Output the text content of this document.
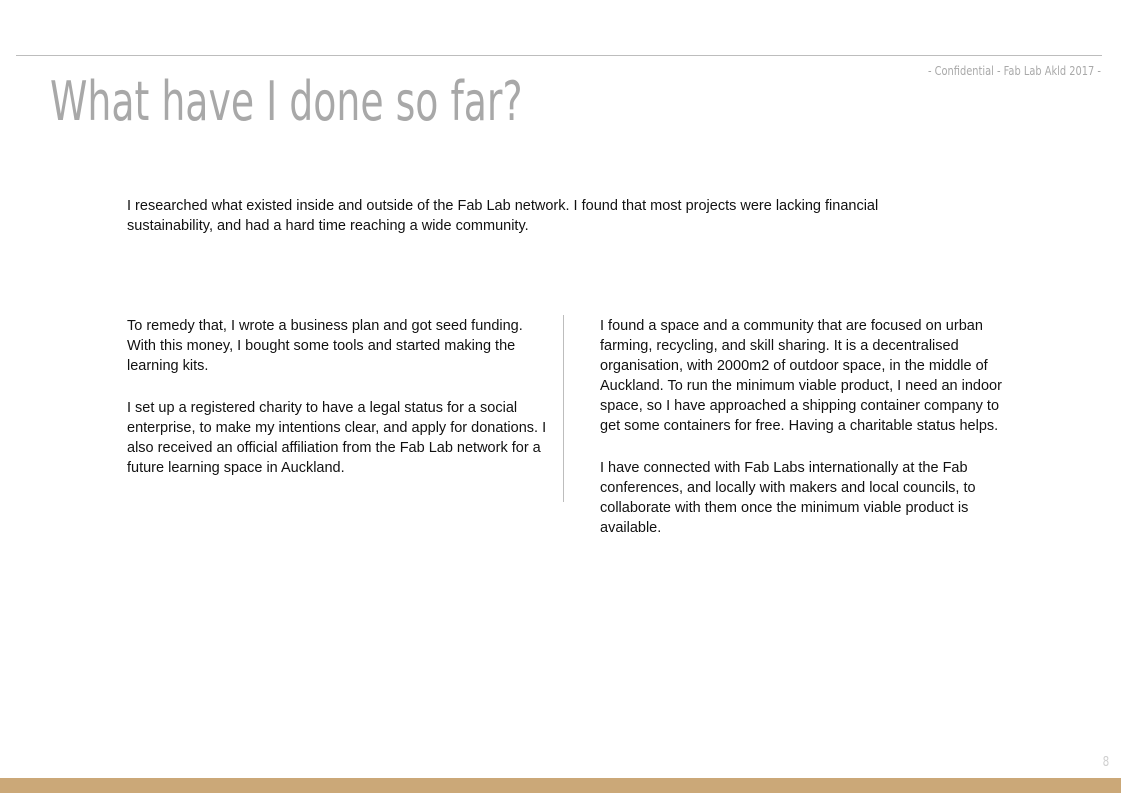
- Confidential - Fab Lab Akld 2017 -
What have I done so far?

I researched what existed inside and outside of the Fab Lab network. I found that most projects were lacking financial sustainability, and had a hard time reaching a wide community.

To remedy that, I wrote a business plan and got seed funding. With this money, I bought some tools and started making the learning kits.

I set up a registered charity to have a legal status for a social enterprise, to make my intentions clear, and apply for donations. I also received an official affiliation from the Fab Lab network for a future learning space in Auckland.

I found a space and a community that are focused on urban farming, recycling, and skill sharing. It is a decentralised organisation, with 2000m2 of outdoor space, in the middle of Auckland. To run the minimum viable product, I need an indoor space, so I have approached a shipping container company to get some containers for free. Having a charitable status helps.

I have connected with Fab Labs internationally at the Fab conferences, and locally with makers and local councils, to collaborate with them once the minimum viable product is available.

8
